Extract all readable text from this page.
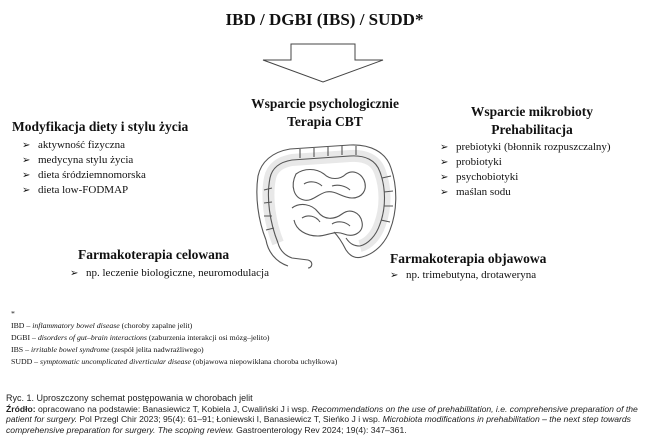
IBD / DGBI (IBS) / SUDD*
Wsparcie psychologicznie
Terapia CBT
Modyfikacja diety i stylu życia
➢ aktywność fizyczna
➢ medycyna stylu życia
➢ dieta śródziemnomorska
➢ dieta low-FODMAP
Wsparcie mikrobioty
Prehabilitacja
➢ prebiotyki (błonnik rozpuszczalny)
➢ probiotyki
➢ psychobiotyki
➢ maślan sodu
Farmakoterapia celowana
➢ np. leczenie biologiczne, neuromodulacja
Farmakoterapia objawowa
➢ np. trimebutyna, drotaweryna
*
IBD – inflammatory bowel disease (choroby zapalne jelit)
DGBI – disorders of gut–brain interactions (zaburzenia interakcji osi mózg–jelito)
IBS – irritable bowel syndrome (zespół jelita nadwrażliwego)
SUDD – symptomatic uncomplicated diverticular disease (objawowa niepowikłana choroba uchyłkowa)
Ryc. 1. Uproszczony schemat postępowania w chorobach jelit
Źródło: opracowano na podstawie: Banasiewicz T, Kobiela J, Cwaliński J i wsp. Recommendations on the use of prehabilitation, i.e. comprehensive preparation of the patient for surgery. Pol Przegl Chir 2023; 95(4): 61–91; Łoniewski I, Banasiewicz T, Sieńko J i wsp. Microbiota modifications in prehabilitation – the next step towards comprehensive preparation for surgery. The scoping review. Gastroenterology Rev 2024; 19(4): 347–361.
